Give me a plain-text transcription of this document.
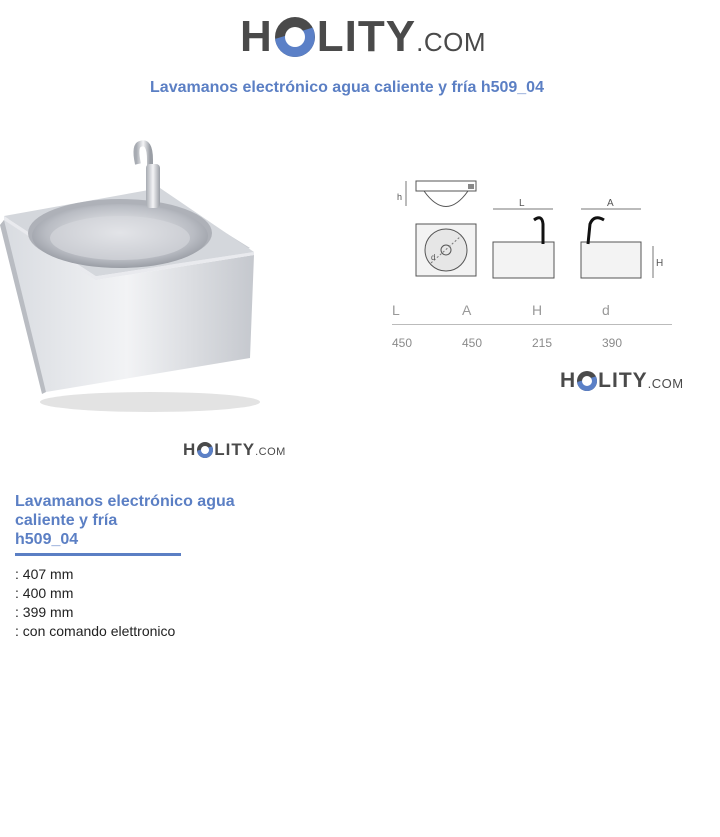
H LITY .COM
Lavamanos electrónico agua caliente y fría h509_04
H LITY .COM
h
d
L	A
H
L	A	H	d
450	450	215	390
H LITY .COM
Lavamanos electrónico agua
caliente y fría
h509_04
: 407 mm
: 400 mm
: 399 mm
: con comando elettronico
